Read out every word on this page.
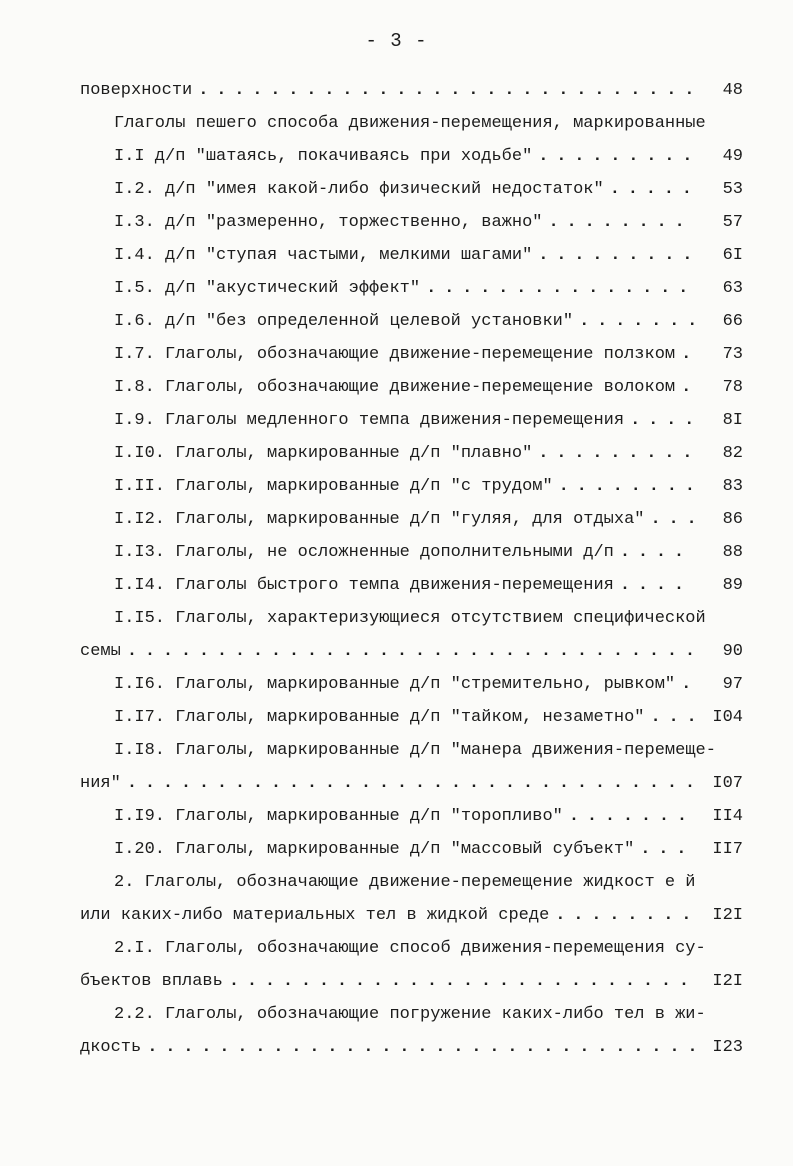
- 3 -
поверхности . . .	48
Глаголы пешего способа движения-перемещения, маркированные
I.I д/п "шатаясь, покачиваясь при ходьбе" . . .	49
I.2. д/п "имея какой-либо физический недостаток" . . .	53
I.3. д/п "размеренно, торжественно, важно" . . .	57
I.4. д/п "ступая частыми, мелкими шагами" . . .	6I
I.5. д/п "акустический эффект" . . .	63
I.6. д/п "без определенной целевой установки" . . .	66
I.7. Глаголы, обозначающие движение-перемещение ползком . . .	73
I.8. Глаголы, обозначающие движение-перемещение волоком . . .	78
I.9. Глаголы медленного темпа движения-перемещения . . .	8I
I.I0. Глаголы, маркированные д/п "плавно" . . .	82
I.II. Глаголы, маркированные д/п "с трудом" . . .	83
I.I2. Глаголы, маркированные д/п "гуляя, для отдыха" . . .	86
I.I3. Глаголы, не осложненные дополнительными д/п . . .	88
I.I4. Глаголы быстрого темпа движения-перемещения . . .	89
I.I5. Глаголы, характеризующиеся отсутствием специфической
семы . . .	90
I.I6. Глаголы, маркированные д/п "стремительно, рывком" . . .	97
I.I7. Глаголы, маркированные д/п "тайком, незаметно" . . .	I04
I.I8. Глаголы, маркированные д/п "манера движения-перемеще-
ния" . . .	I07
I.I9. Глаголы, маркированные д/п "торопливо" . . .	II4
I.20. Глаголы, маркированные д/п "массовый субъект" . . .	II7
2. Глаголы, обозначающие движение-перемещение жидкост е й
или каких-либо материальных тел в жидкой среде . . .	I2I
2.I. Глаголы, обозначающие способ движения-перемещения су-
бъектов вплавь . . .	I2I
2.2. Глаголы, обозначающие погружение каких-либо тел в жи-
дкость . . .	I23
